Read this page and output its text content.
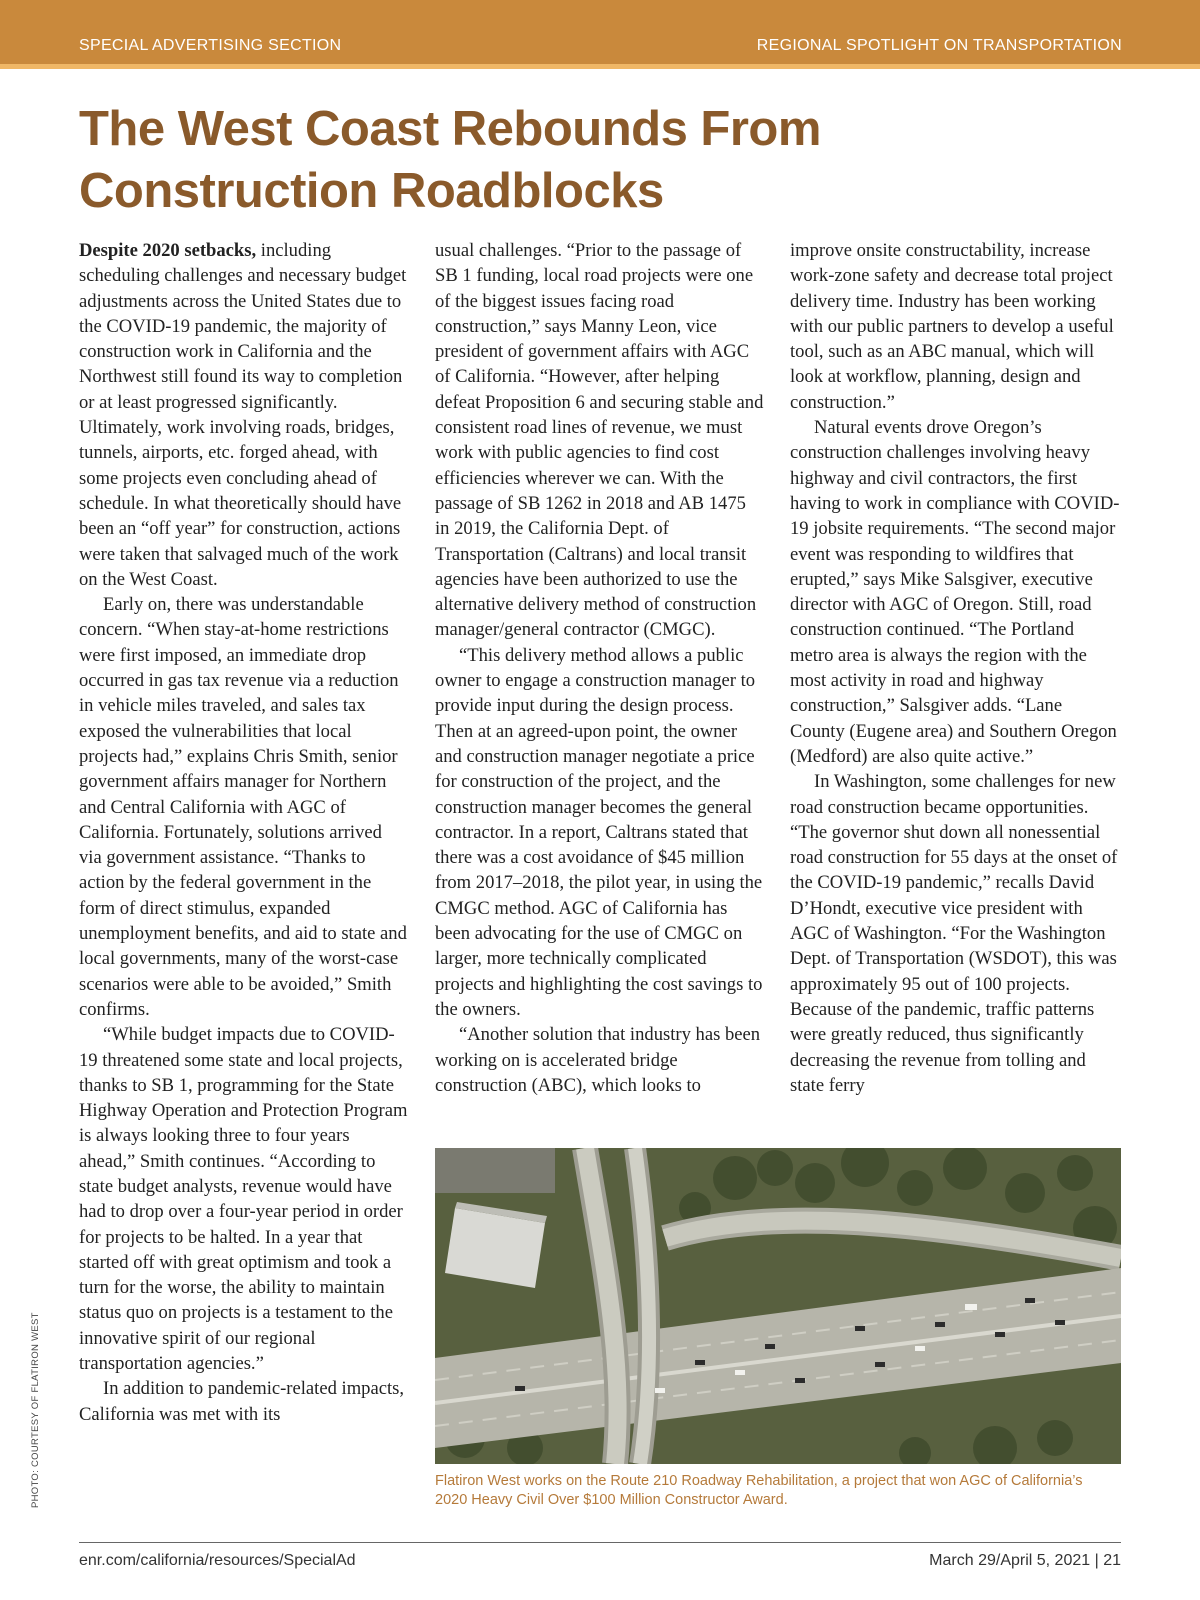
SPECIAL ADVERTISING SECTION	REGIONAL SPOTLIGHT ON TRANSPORTATION
The West Coast Rebounds From Construction Roadblocks

Despite 2020 setbacks, including scheduling challenges and necessary budget adjustments across the United States due to the COVID-19 pandemic, the majority of construction work in California and the Northwest still found its way to completion or at least progressed significantly. Ultimately, work involving roads, bridges, tunnels, airports, etc. forged ahead, with some projects even concluding ahead of schedule. In what theoretically should have been an “off year” for construction, actions were taken that salvaged much of the work on the West Coast.

Early on, there was understandable concern. “When stay-at-home restrictions were first imposed, an immediate drop occurred in gas tax revenue via a reduction in vehicle miles traveled, and sales tax exposed the vulnerabilities that local projects had,” explains Chris Smith, senior government affairs manager for Northern and Central California with AGC of California. Fortunately, solutions arrived via government assistance. “Thanks to action by the federal government in the form of direct stimulus, expanded unemployment benefits, and aid to state and local governments, many of the worst-case scenarios were able to be avoided,” Smith confirms.

“While budget impacts due to COVID-19 threatened some state and local projects, thanks to SB 1, programming for the State Highway Operation and Protection Program is always looking three to four years ahead,” Smith continues. “According to state budget analysts, revenue would have had to drop over a four-year period in order for projects to be halted. In a year that started off with great optimism and took a turn for the worse, the ability to maintain status quo on projects is a testament to the innovative spirit of our regional transportation agencies.”

In addition to pandemic-related impacts, California was met with its

usual challenges. “Prior to the passage of SB 1 funding, local road projects were one of the biggest issues facing road construction,” says Manny Leon, vice president of government affairs with AGC of California. “However, after helping defeat Proposition 6 and securing stable and consistent road lines of revenue, we must work with public agencies to find cost efficiencies wherever we can. With the passage of SB 1262 in 2018 and AB 1475 in 2019, the California Dept. of Transportation (Caltrans) and local transit agencies have been authorized to use the alternative delivery method of construction manager/general contractor (CMGC).

“This delivery method allows a public owner to engage a construction manager to provide input during the design process. Then at an agreed-upon point, the owner and construction manager negotiate a price for construction of the project, and the construction manager becomes the general contractor. In a report, Caltrans stated that there was a cost avoidance of $45 million from 2017–2018, the pilot year, in using the CMGC method. AGC of California has been advocating for the use of CMGC on larger, more technically complicated projects and highlighting the cost savings to the owners.

“Another solution that industry has been working on is accelerated bridge construction (ABC), which looks to

improve onsite constructability, increase work-zone safety and decrease total project delivery time. Industry has been working with our public partners to develop a useful tool, such as an ABC manual, which will look at workflow, planning, design and construction.”

Natural events drove Oregon’s construction challenges involving heavy highway and civil contractors, the first having to work in compliance with COVID-19 jobsite requirements. “The second major event was responding to wildfires that erupted,” says Mike Salsgiver, executive director with AGC of Oregon. Still, road construction continued. “The Portland metro area is always the region with the most activity in road and highway construction,” Salsgiver adds. “Lane County (Eugene area) and Southern Oregon (Medford) are also quite active.”

In Washington, some challenges for new road construction became opportunities. “The governor shut down all nonessential road construction for 55 days at the onset of the COVID-19 pandemic,” recalls David D’Hondt, executive vice president with AGC of Washington. “For the Washington Dept. of Transportation (WSDOT), this was approximately 95 out of 100 projects. Because of the pandemic, traffic patterns were greatly reduced, thus significantly decreasing the revenue from tolling and state ferry

Flatiron West works on the Route 210 Roadway Rehabilitation, a project that won AGC of California’s 2020 Heavy Civil Over $100 Million Constructor Award.
PHOTO: COURTESY OF FLATIRON WEST
enr.com/california/resources/SpecialAd	March 29/April 5, 2021 | 21
